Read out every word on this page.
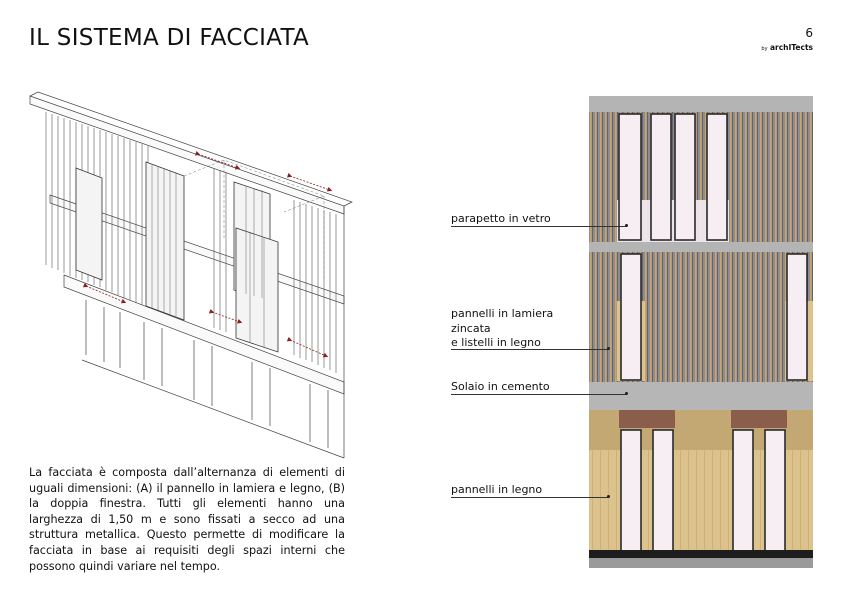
IL SISTEMA DI FACCIATA	6
by archITects
La facciata è composta dall’alternanza di elementi di uguali dimensioni: (A) il pannello in lamiera e legno, (B) la doppia finestra. Tutti gli elementi hanno una larghezza di 1,50 m e sono fissati a secco ad una struttura metallica. Questo permette di modificare la facciata in base ai requisiti degli spazi interni che possono quindi variare nel tempo.
parapetto in vetro
pannelli in lamiera
zincata
e listelli in legno
Solaio in cemento
pannelli in legno
